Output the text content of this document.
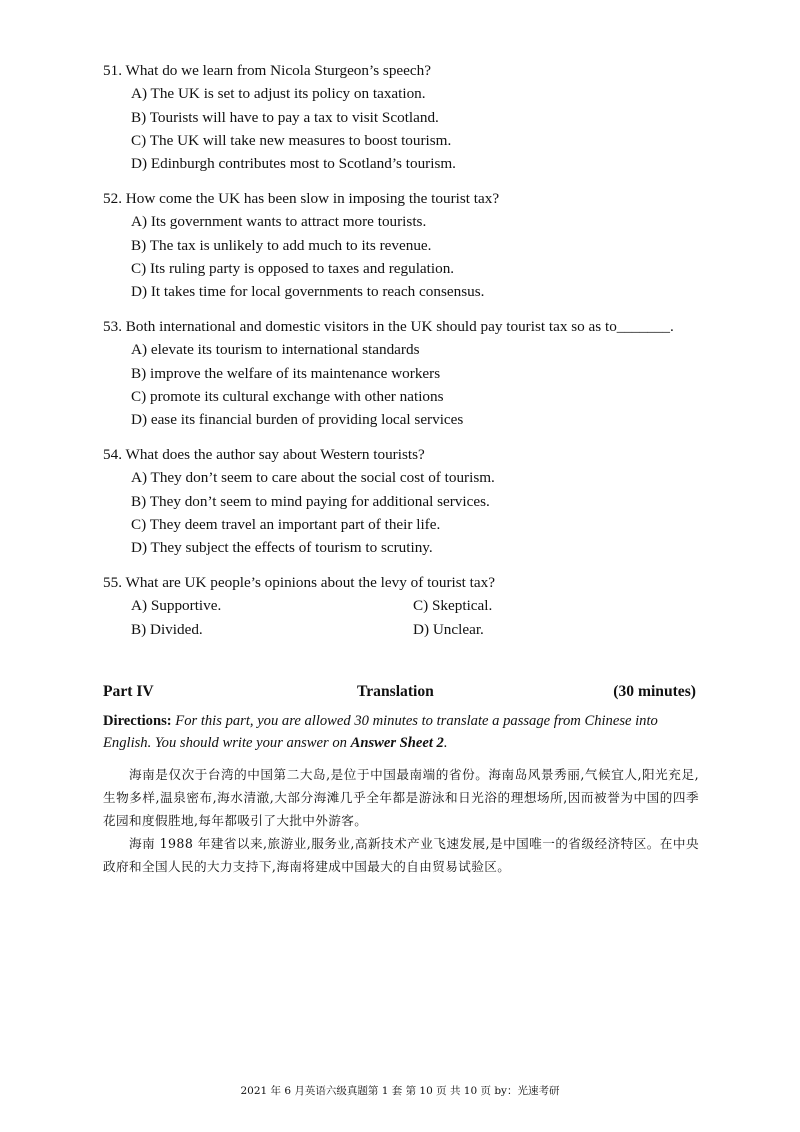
51. What do we learn from Nicola Sturgeon’s speech?
A) The UK is set to adjust its policy on taxation.
B) Tourists will have to pay a tax to visit Scotland.
C) The UK will take new measures to boost tourism.
D) Edinburgh contributes most to Scotland’s tourism.
52. How come the UK has been slow in imposing the tourist tax?
A) Its government wants to attract more tourists.
B) The tax is unlikely to add much to its revenue.
C) Its ruling party is opposed to taxes and regulation.
D) It takes time for local governments to reach consensus.
53. Both international and domestic visitors in the UK should pay tourist tax so as to_______.
A) elevate its tourism to international standards
B) improve the welfare of its maintenance workers
C) promote its cultural exchange with other nations
D) ease its financial burden of providing local services
54. What does the author say about Western tourists?
A) They don’t seem to care about the social cost of tourism.
B) They don’t seem to mind paying for additional services.
C) They deem travel an important part of their life.
D) They subject the effects of tourism to scrutiny.
55. What are UK people’s opinions about the levy of tourist tax?
A) Supportive.	C) Skeptical.
B) Divided.	D) Unclear.
Part IV	Translation	(30 minutes)
Directions: For this part, you are allowed 30 minutes to translate a passage from Chinese into English. You should write your answer on Answer Sheet 2.
海南是仅次于台湾的中国第二大岛,是位于中国最南端的省份。海南岛风景秀丽,气候宜人,阳光充足,生物多样,温泉密布,海水清澈,大部分海滩几乎全年都是游泳和日光浴的理想场所,因而被誉为中国的四季花园和度假胜地,每年都吸引了大批中外游客。
海南 1988 年建省以来,旅游业,服务业,高新技术产业飞速发展,是中国唯一的省级经济特区。在中央政府和全国人民的大力支持下,海南将建成中国最大的自由贸易试验区。
2021 年 6 月英语六级真题第 1 套 第 10 页 共 10 页 by：光速考研
